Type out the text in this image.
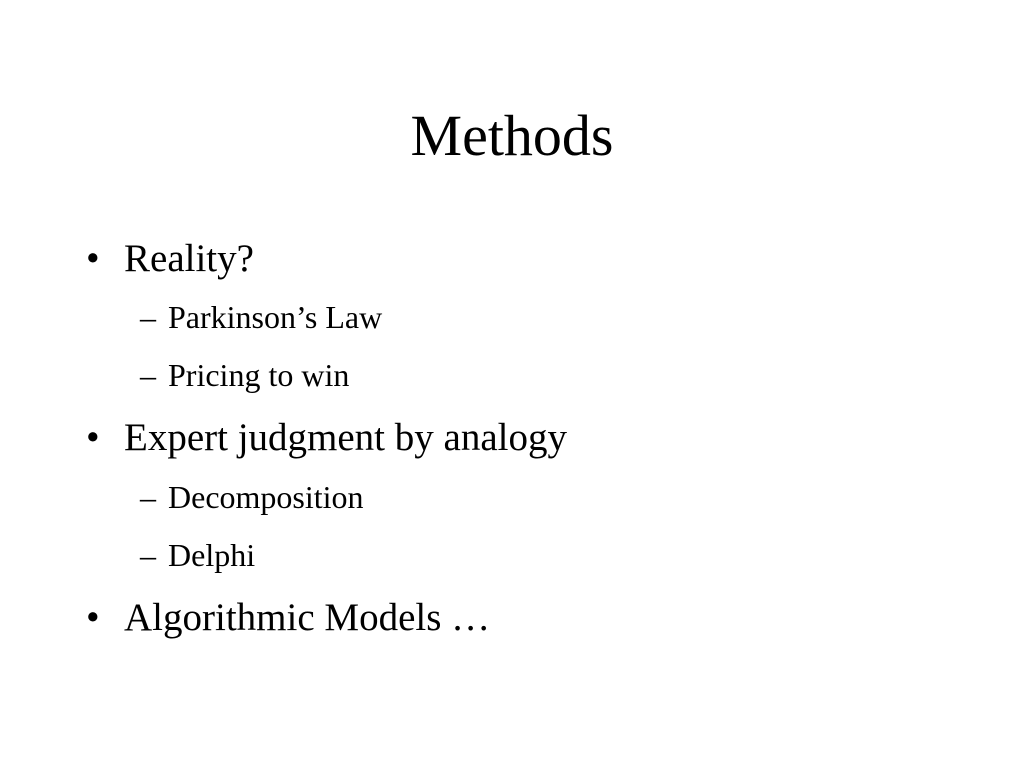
Methods
• Reality?
– Parkinson’s Law
– Pricing to win
• Expert judgment by analogy
– Decomposition
– Delphi
• Algorithmic Models …
